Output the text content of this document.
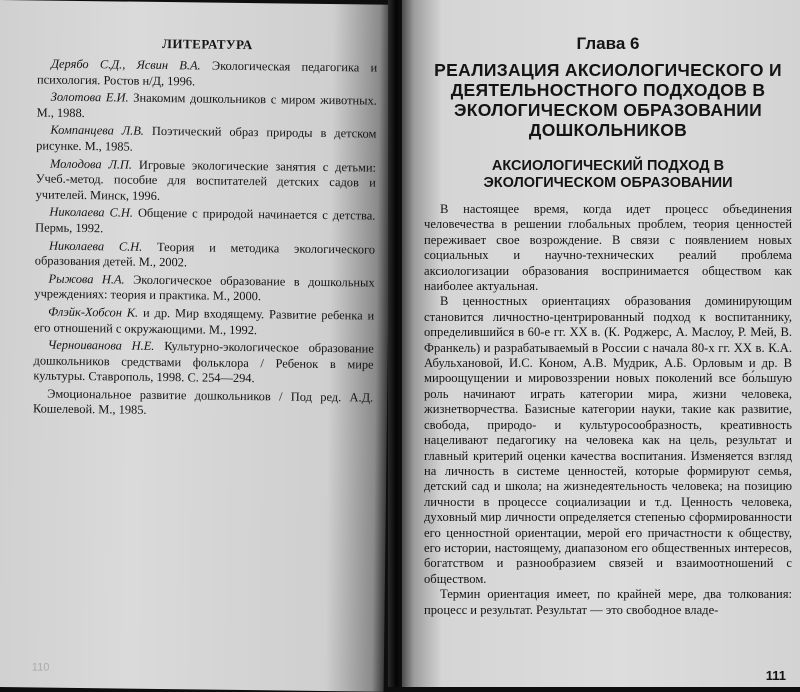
ЛИТЕРАТУРА
Дерябо С.Д., Ясвин В.А. Экологическая педагогика и психология. Ростов н/Д, 1996.
Золотова Е.И. Знакомим дошкольников с миром животных. М., 1988.
Компанцева Л.В. Поэтический образ природы в детском рисунке. М., 1985.
Молодова Л.П. Игровые экологические занятия с детьми: Учеб.-метод. пособие для воспитателей детских садов и учителей. Минск, 1996.
Николаева С.Н. Общение с природой начинается с детства. Пермь, 1992.
Николаева С.Н. Теория и методика экологического образования детей. М., 2002.
Рыжова Н.А. Экологическое образование в дошкольных учреждениях: теория и практика. М., 2000.
Флэйк-Хобсон К. и др. Мир входящему. Развитие ребенка и его отношений с окружающими. М., 1992.
Черноиванова Н.Е. Культурно-экологическое образование дошкольников средствами фольклора / Ребенок в мире культуры. Ставрополь, 1998. С. 254—294.
Эмоциональное развитие дошкольников / Под ред. А.Д. Кошелевой. М., 1985.
110
Глава 6
РЕАЛИЗАЦИЯ АКСИОЛОГИЧЕСКОГО И ДЕЯТЕЛЬНОСТНОГО ПОДХОДОВ В ЭКОЛОГИЧЕСКОМ ОБРАЗОВАНИИ ДОШКОЛЬНИКОВ
АКСИОЛОГИЧЕСКИЙ ПОДХОД В ЭКОЛОГИЧЕСКОМ ОБРАЗОВАНИИ

В настоящее время, когда идет процесс объединения человечества в решении глобальных проблем, теория ценностей переживает свое возрождение. В связи с появлением новых социальных и научно-технических реалий проблема аксиологизации образования воспринимается обществом как наиболее актуальная.

В ценностных ориентациях образования доминирующим становится личностно-центрированный подход к воспитаннику, определившийся в 60-е гг. XX в. (К. Роджерс, А. Маслоу, Р. Мей, В. Франкель) и разрабатываемый в России с начала 80-х гг. XX в. К.А. Абульхановой, И.С. Коном, А.В. Мудрик, А.Б. Орловым и др. В мироощущении и мировоззрении новых поколений все бо́льшую роль начинают играть категории мира, жизни человека, жизнетворчества. Базисные категории науки, такие как развитие, свобода, природо- и культуросообразность, креативность нацеливают педагогику на человека как на цель, результат и главный критерий оценки качества воспитания. Изменяется взгляд на личность в системе ценностей, которые формируют семья, детский сад и школа; на жизнедеятельность человека; на позицию личности в процессе социализации и т.д. Ценность человека, духовный мир личности определяется степенью сформированности его ценностной ориентации, мерой его причастности к обществу, его истории, настоящему, диапазоном его общественных интересов, богатством и разнообразием связей и взаимоотношений с обществом.

Термин ориентация имеет, по крайней мере, два толкования: процесс и результат. Результат — это свободное владе-

111
